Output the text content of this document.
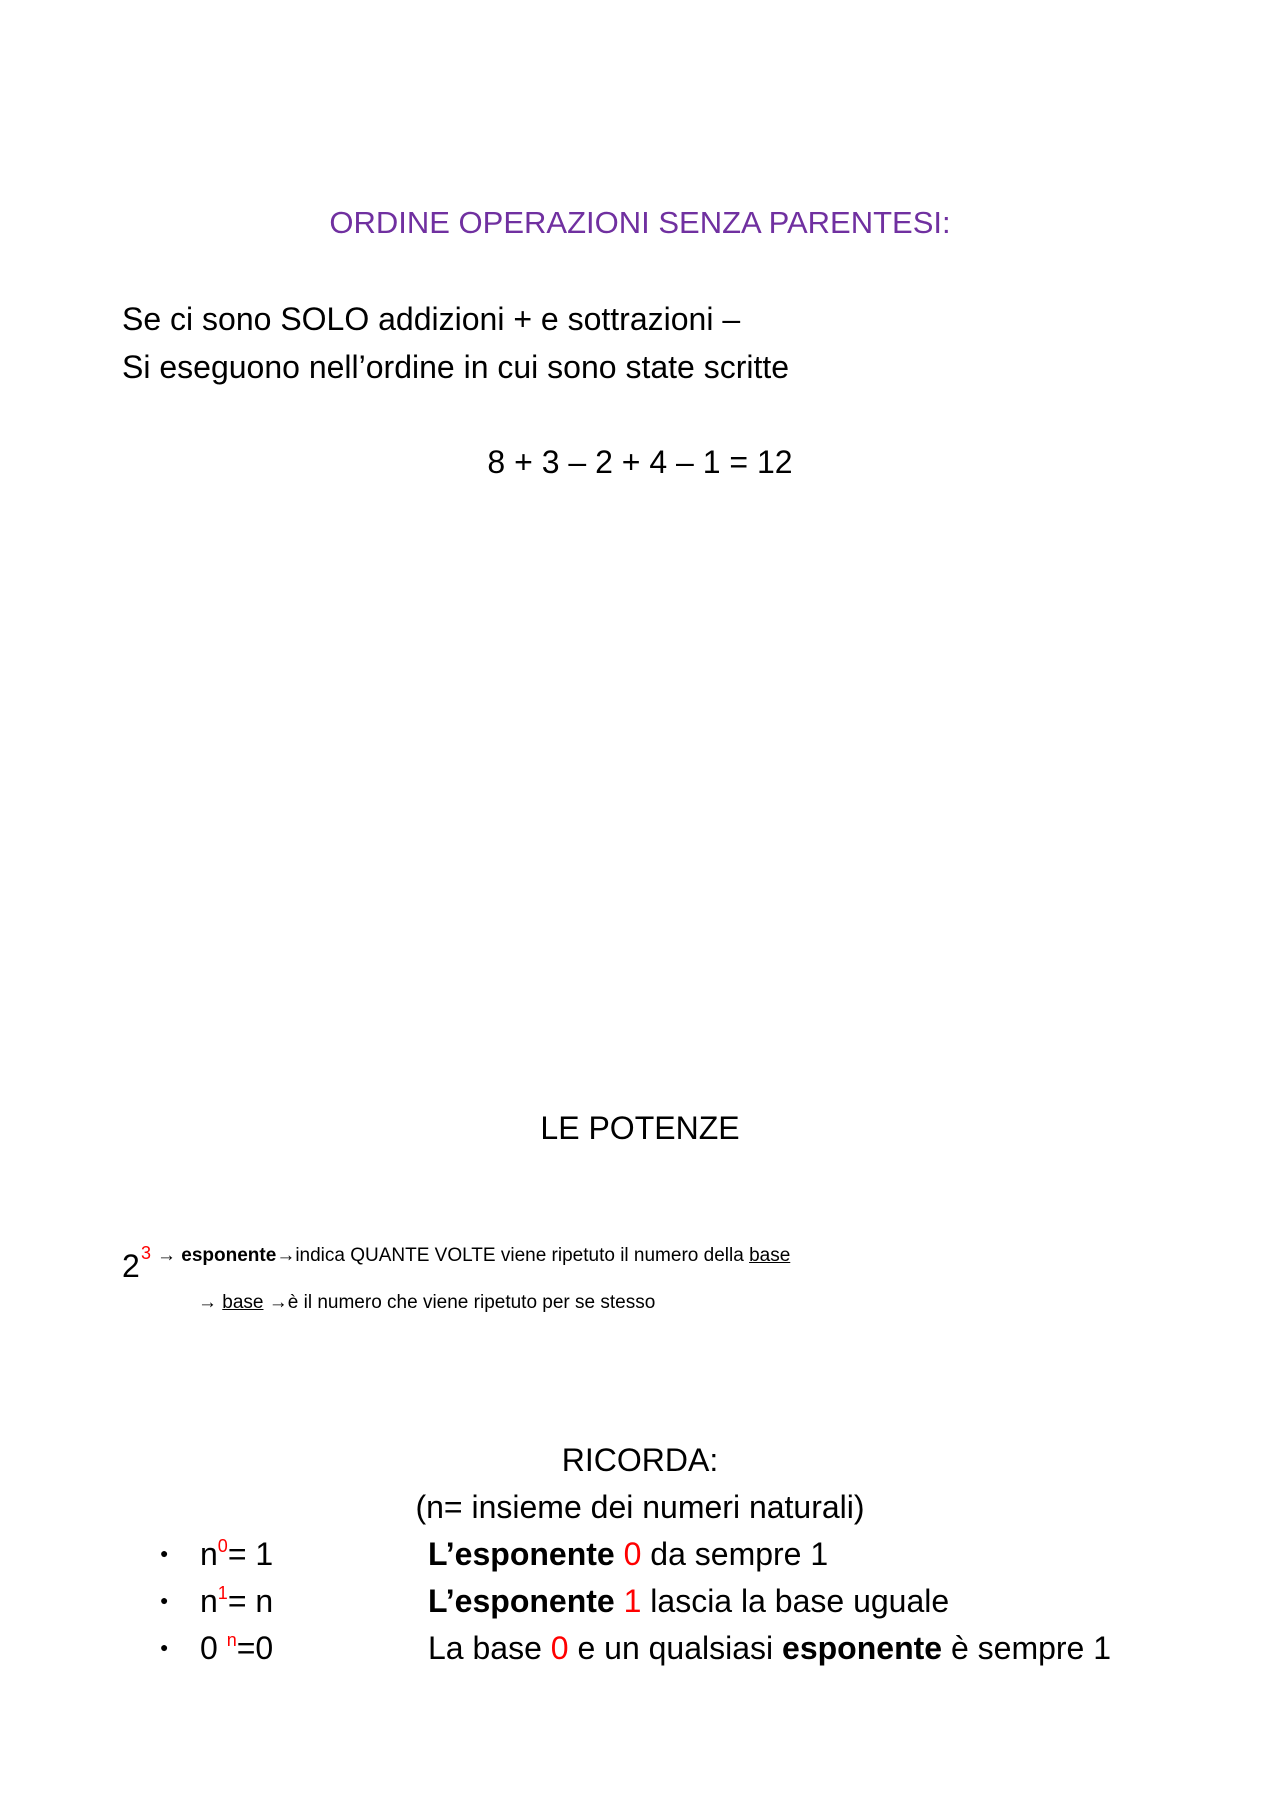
ORDINE OPERAZIONI SENZA PARENTESI:
Se ci sono SOLO addizioni + e sottrazioni –
Si eseguono nell’ordine in cui sono state scritte
8 + 3 – 2 + 4 – 1 = 12
LE POTENZE
2 3 → esponente→indica QUANTE VOLTE viene ripetuto il numero della base
→ base →è il numero che viene ripetuto per se stesso
RICORDA:
(n= insieme dei numeri naturali)
● $n^0= 1$	L’esponente 0 da sempre 1
● $n^1= n$	L’esponente 1 lascia la base uguale
● 0 $^n$=0	La base 0 e un qualsiasi esponente è sempre 1
